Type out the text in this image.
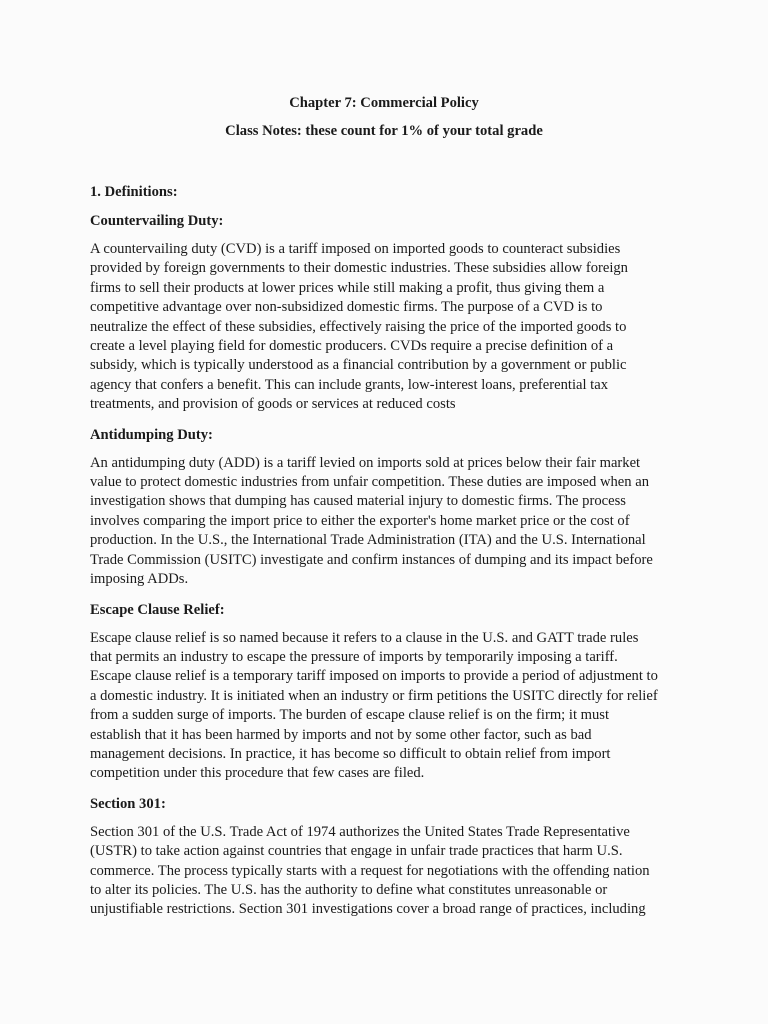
Chapter 7: Commercial Policy
Class Notes: these count for 1% of your total grade
1. Definitions:
Countervailing Duty:

A countervailing duty (CVD) is a tariff imposed on imported goods to counteract subsidies
provided by foreign governments to their domestic industries. These subsidies allow foreign
firms to sell their products at lower prices while still making a profit, thus giving them a
competitive advantage over non-subsidized domestic firms. The purpose of a CVD is to
neutralize the effect of these subsidies, effectively raising the price of the imported goods to
create a level playing field for domestic producers. CVDs require a precise definition of a
subsidy, which is typically understood as a financial contribution by a government or public
agency that confers a benefit. This can include grants, low-interest loans, preferential tax
treatments, and provision of goods or services at reduced costs

Antidumping Duty:

An antidumping duty (ADD) is a tariff levied on imports sold at prices below their fair market
value to protect domestic industries from unfair competition. These duties are imposed when an
investigation shows that dumping has caused material injury to domestic firms. The process
involves comparing the import price to either the exporter's home market price or the cost of
production. In the U.S., the International Trade Administration (ITA) and the U.S. International
Trade Commission (USITC) investigate and confirm instances of dumping and its impact before
imposing ADDs.

Escape Clause Relief:

Escape clause relief is so named because it refers to a clause in the U.S. and GATT trade rules
that permits an industry to escape the pressure of imports by temporarily imposing a tariff.
Escape clause relief is a temporary tariff imposed on imports to provide a period of adjustment to
a domestic industry. It is initiated when an industry or firm petitions the USITC directly for relief
from a sudden surge of imports. The burden of escape clause relief is on the firm; it must
establish that it has been harmed by imports and not by some other factor, such as bad
management decisions. In practice, it has become so difficult to obtain relief from import
competition under this procedure that few cases are filed.

Section 301:

Section 301 of the U.S. Trade Act of 1974 authorizes the United States Trade Representative
(USTR) to take action against countries that engage in unfair trade practices that harm U.S.
commerce. The process typically starts with a request for negotiations with the offending nation
to alter its policies. The U.S. has the authority to define what constitutes unreasonable or
unjustifiable restrictions. Section 301 investigations cover a broad range of practices, including
